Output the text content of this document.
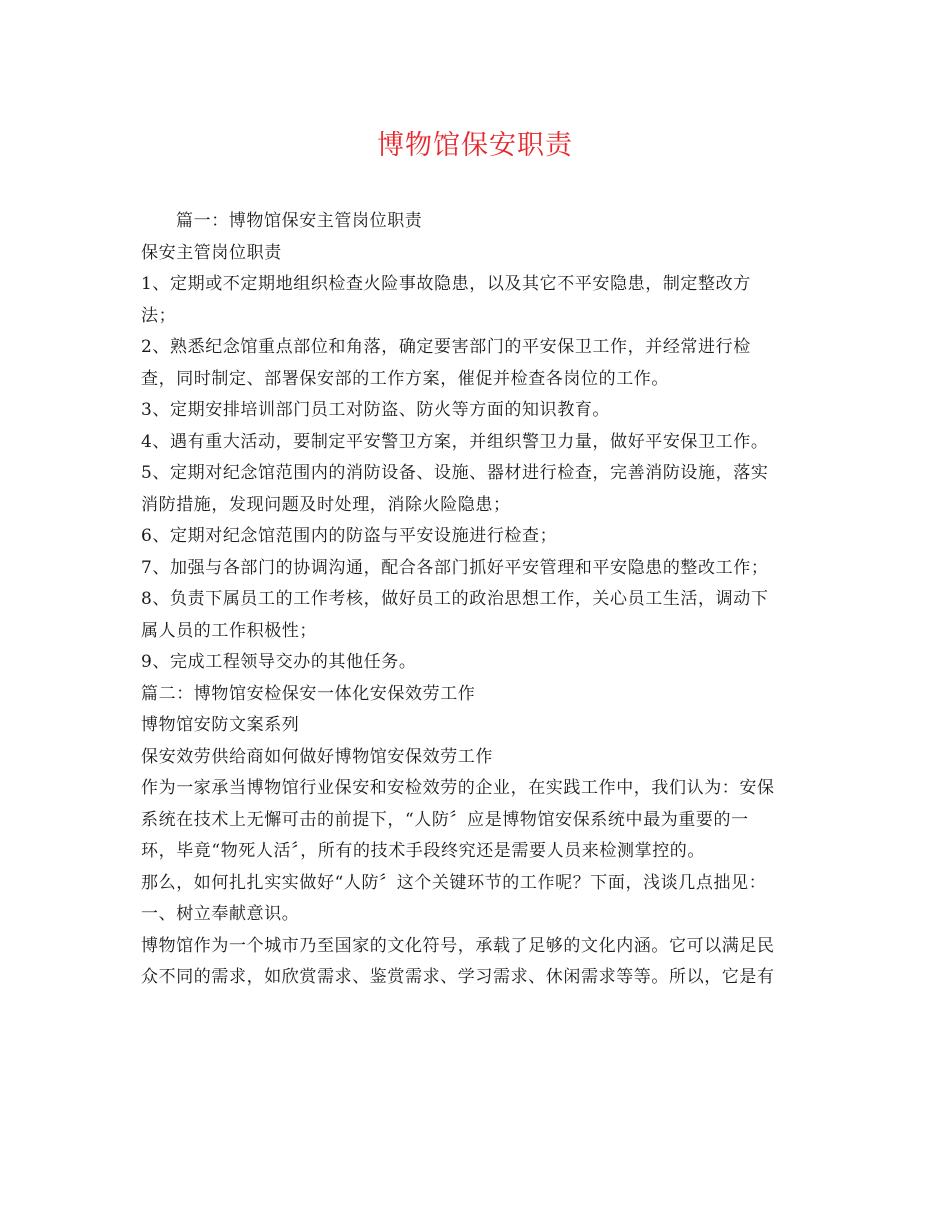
博物馆保安职责
篇一：博物馆保安主管岗位职责
保安主管岗位职责
1、定期或不定期地组织检查火险事故隐患，以及其它不平安隐患，制定整改方
法；
2、熟悉纪念馆重点部位和角落，确定要害部门的平安保卫工作，并经常进行检
查，同时制定、部署保安部的工作方案，催促并检查各岗位的工作。
3、定期安排培训部门员工对防盗、防火等方面的知识教育。
4、遇有重大活动，要制定平安警卫方案，并组织警卫力量，做好平安保卫工作。
5、定期对纪念馆范围内的消防设备、设施、器材进行检查，完善消防设施，落实
消防措施，发现问题及时处理，消除火险隐患；
6、定期对纪念馆范围内的防盗与平安设施进行检查；
7、加强与各部门的协调沟通，配合各部门抓好平安管理和平安隐患的整改工作；
8、负责下属员工的工作考核，做好员工的政治思想工作，关心员工生活，调动下
属人员的工作积极性；
9、完成工程领导交办的其他任务。
篇二：博物馆安检保安一体化安保效劳工作
博物馆安防文案系列
保安效劳供给商如何做好博物馆安保效劳工作
作为一家承当博物馆行业保安和安检效劳的企业，在实践工作中，我们认为：安保
系统在技术上无懈可击的前提下，“人防〞应是博物馆安保系统中最为重要的一
环，毕竟“物死人活〞，所有的技术手段终究还是需要人员来检测掌控的。
那么，如何扎扎实实做好“人防〞这个关键环节的工作呢？下面，浅谈几点拙见：
一、树立奉献意识。
博物馆作为一个城市乃至国家的文化符号，承载了足够的文化内涵。它可以满足民
众不同的需求，如欣赏需求、鉴赏需求、学习需求、休闲需求等等。所以，它是有
